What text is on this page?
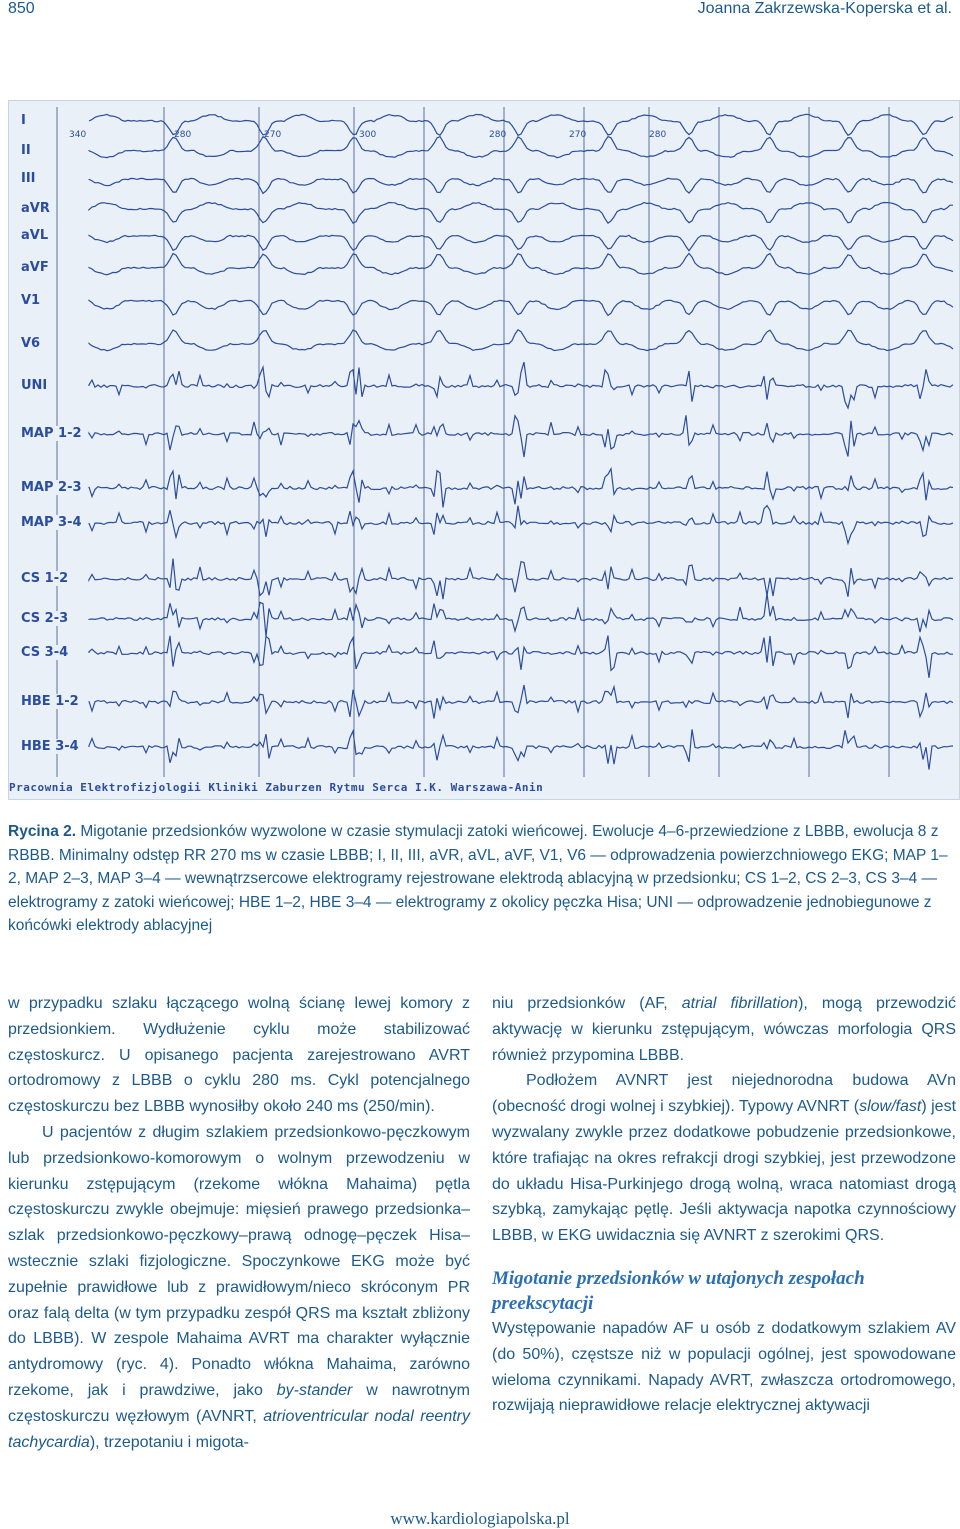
850	Joanna Zakrzewska-Koperska et al.
340	280	270	300	280	270	280
I
II
III
aVR
aVL
aVF
V1
V6
UNI
MAP 1-2
MAP 2-3
MAP 3-4
CS 1-2
CS 2-3
CS 3-4
HBE 1-2
HBE 3-4
Pracownia Elektrofizjologii Kliniki Zaburzen Rytmu Serca I.K. Warszawa-Anin
Rycina 2. Migotanie przedsionków wyzwolone w czasie stymulacji zatoki wieńcowej. Ewolucje 4–6-przewiedzione z LBBB, ewolucja 8 z RBBB. Minimalny odstęp RR 270 ms w czasie LBBB; I, II, III, aVR, aVL, aVF, V1, V6 — odprowadzenia powierzchniowego EKG; MAP 1–2, MAP 2–3, MAP 3–4 — wewnątrzsercowe elektrogramy rejestrowane elektrodą ablacyjną w przedsionku; CS 1–2, CS 2–3, CS 3–4 — elektrogramy z zatoki wieńcowej; HBE 1–2, HBE 3–4 — elektrogramy z okolicy pęczka Hisa; UNI — odprowadzenie jednobiegunowe z końcówki elektrody ablacyjnej

w przypadku szlaku łączącego wolną ścianę lewej komory z przedsionkiem. Wydłużenie cyklu może stabilizować częstoskurcz. U opisanego pacjenta zarejestrowano AVRT ortodromowy z LBBB o cyklu 280 ms. Cykl potencjalnego częstoskurczu bez LBBB wynosiłby około 240 ms (250/min).

U pacjentów z długim szlakiem przedsionkowo-pęczkowym lub przedsionkowo-komorowym o wolnym przewodzeniu w kierunku zstępującym (rzekome włókna Mahaima) pętla częstoskurczu zwykle obejmuje: mięsień prawego przedsionka–szlak przedsionkowo-pęczkowy–prawą odnogę–pęczek Hisa–wstecznie szlaki fizjologiczne. Spoczynkowe EKG może być zupełnie prawidłowe lub z prawidłowym/nieco skróconym PR oraz falą delta (w tym przypadku zespół QRS ma kształt zbliżony do LBBB). W zespole Mahaima AVRT ma charakter wyłącznie antydromowy (ryc. 4). Ponadto włókna Mahaima, zarówno rzekome, jak i prawdziwe, jako by-stander w nawrotnym częstoskurczu węzłowym (AVNRT, atrioventricular nodal reentry tachycardia), trzepotaniu i migota-

niu przedsionków (AF, atrial fibrillation), mogą przewodzić aktywację w kierunku zstępującym, wówczas morfologia QRS również przypomina LBBB.

Podłożem AVNRT jest niejednorodna budowa AVn (obecność drogi wolnej i szybkiej). Typowy AVNRT (slow/fast) jest wyzwalany zwykle przez dodatkowe pobudzenie przedsionkowe, które trafiając na okres refrakcji drogi szybkiej, jest przewodzone do układu Hisa-Purkinjego drogą wolną, wraca natomiast drogą szybką, zamykając pętlę. Jeśli aktywacja napotka czynnościowy LBBB, w EKG uwidacznia się AVNRT z szerokimi QRS.

Migotanie przedsionków w utajonych zespołach preekscytacji

Występowanie napadów AF u osób z dodatkowym szlakiem AV (do 50%), częstsze niż w populacji ogólnej, jest spowodowane wieloma czynnikami. Napady AVRT, zwłaszcza ortodromowego, rozwijają nieprawidłowe relacje elektrycznej aktywacji

www.kardiologiapolska.pl
